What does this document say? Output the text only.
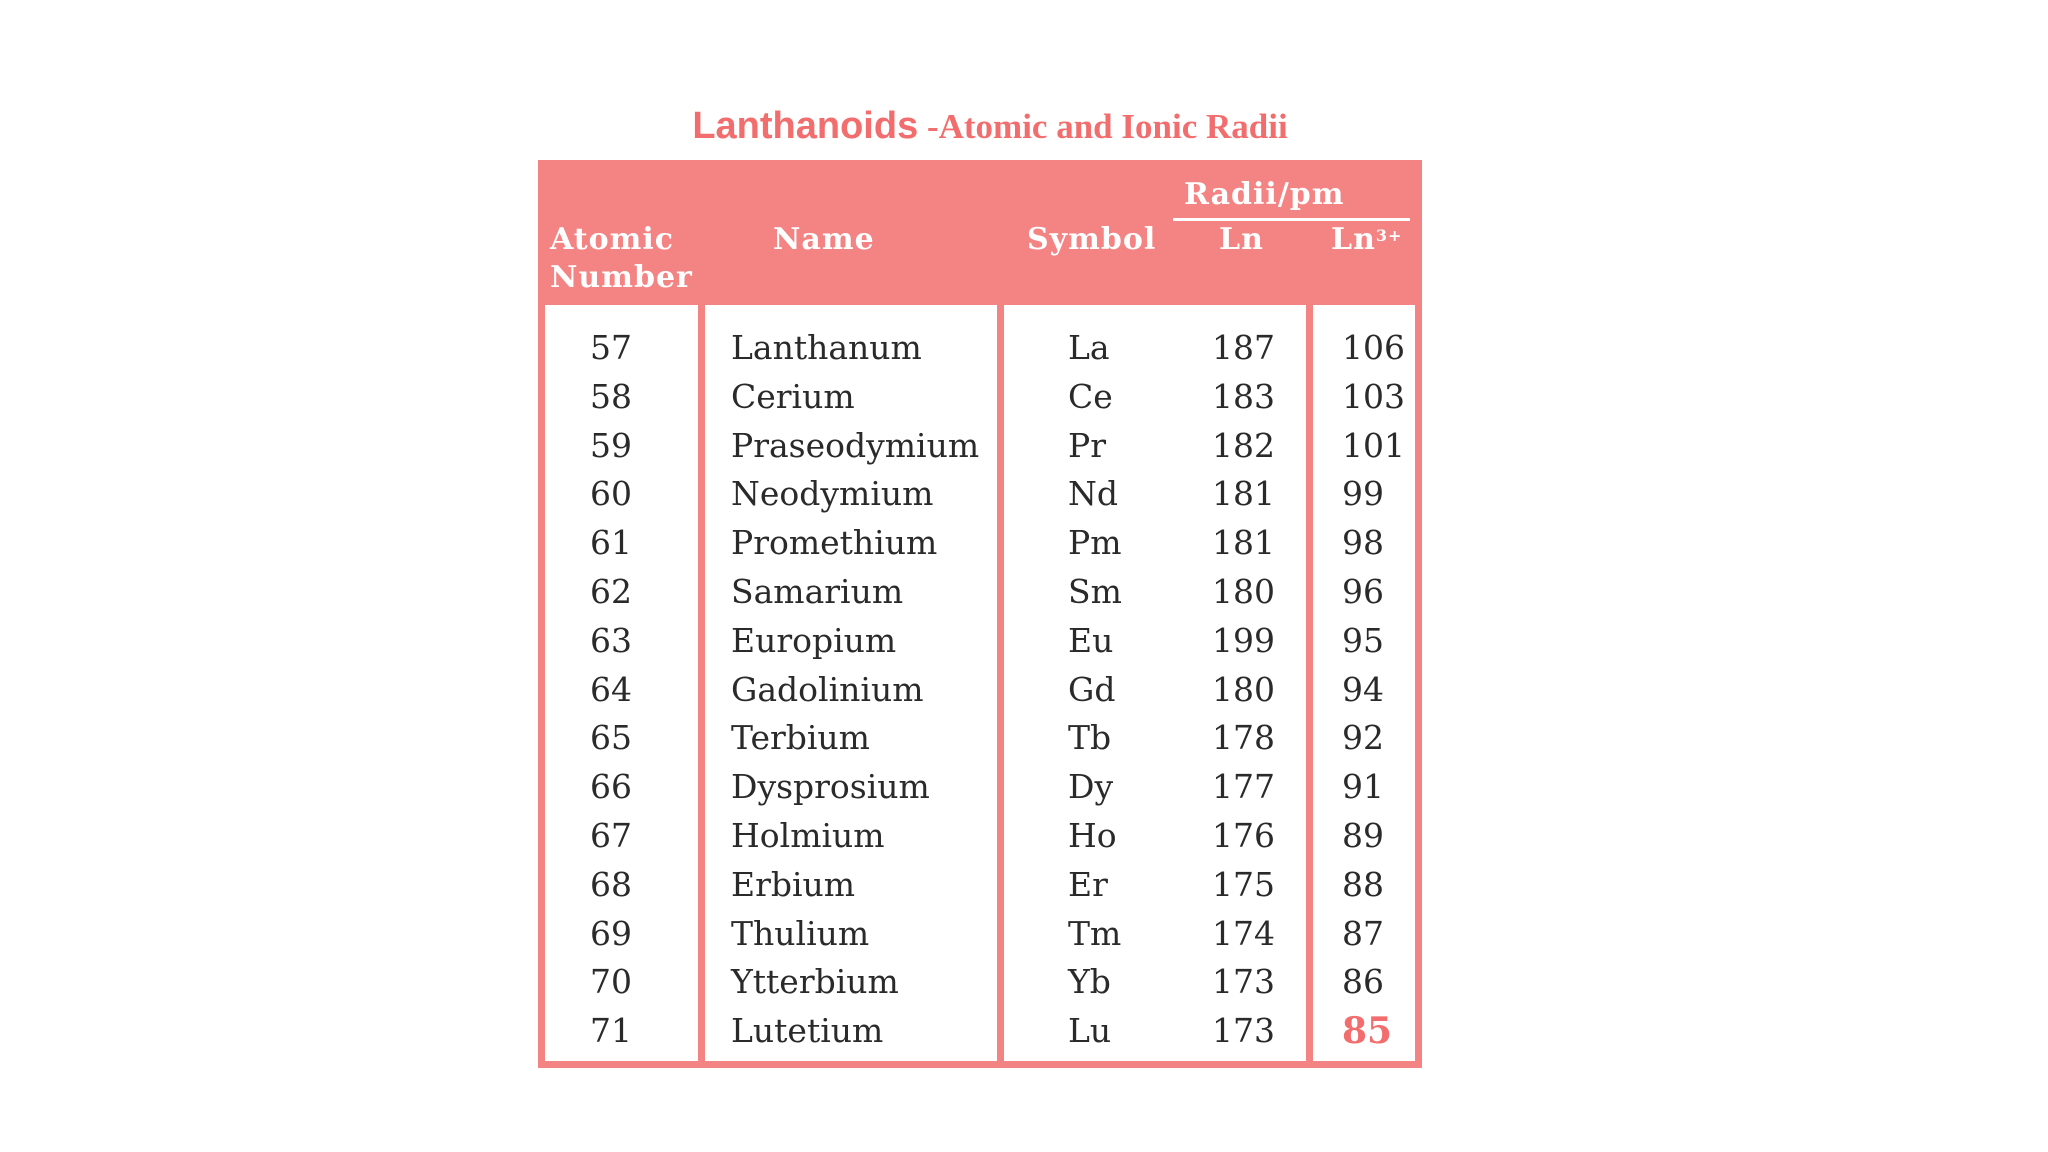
Lanthanoids -Atomic and Ionic Radii
Atomic
Number
Name	Symbol
Radii/pm
Ln $Ln^{3+}$
57	Lanthanum	La	187 106
58	Cerium	Ce	183 103
59	Praseodymium	Pr	182 101
60	Neodymium	Nd	181 99
61	Promethium	Pm	181 98
62	Samarium	Sm	180 96
63	Europium	Eu	199 95
64	Gadolinium	Gd	180 94
65	Terbium	Tb	178 92
66	Dysprosium	Dy	177 91
67	Holmium	Ho	176 89
68	Erbium	Er	175 88
69	Thulium	Tm	174 87
70	Ytterbium	Yb	173 86
71	Lutetium	Lu	173 85
